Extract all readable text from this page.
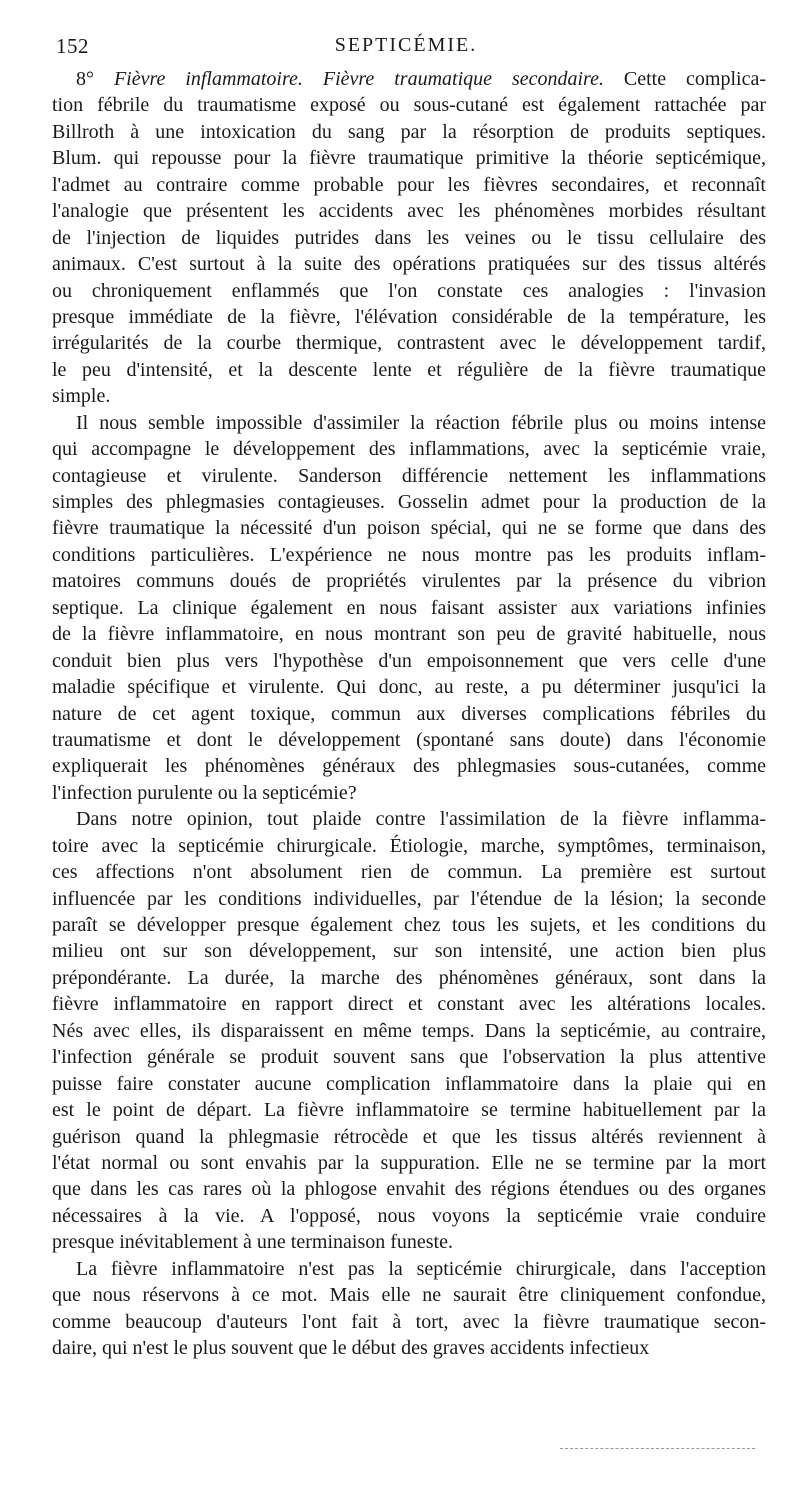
152	SEPTICÉMIE.
8° Fièvre inflammatoire. Fièvre traumatique secondaire. Cette complica-
tion fébrile du traumatisme exposé ou sous-cutané est également rattachée par
Billroth à une intoxication du sang par la résorption de produits septiques.
Blum. qui repousse pour la fièvre traumatique primitive la théorie septicémique,
l'admet au contraire comme probable pour les fièvres secondaires, et reconnaît
l'analogie que présentent les accidents avec les phénomènes morbides résultant
de l'injection de liquides putrides dans les veines ou le tissu cellulaire des
animaux. C'est surtout à la suite des opérations pratiquées sur des tissus altérés
ou chroniquement enflammés que l'on constate ces analogies : l'invasion
presque immédiate de la fièvre, l'élévation considérable de la température, les
irrégularités de la courbe thermique, contrastent avec le développement tardif,
le peu d'intensité, et la descente lente et régulière de la fièvre traumatique
simple.
Il nous semble impossible d'assimiler la réaction fébrile plus ou moins intense
qui accompagne le développement des inflammations, avec la septicémie vraie,
contagieuse et virulente. Sanderson différencie nettement les inflammations
simples des phlegmasies contagieuses. Gosselin admet pour la production de la
fièvre traumatique la nécessité d'un poison spécial, qui ne se forme que dans des
conditions particulières. L'expérience ne nous montre pas les produits inflam-
matoires communs doués de propriétés virulentes par la présence du vibrion
septique. La clinique également en nous faisant assister aux variations infinies
de la fièvre inflammatoire, en nous montrant son peu de gravité habituelle, nous
conduit bien plus vers l'hypothèse d'un empoisonnement que vers celle d'une
maladie spécifique et virulente. Qui donc, au reste, a pu déterminer jusqu'ici la
nature de cet agent toxique, commun aux diverses complications fébriles du
traumatisme et dont le développement (spontané sans doute) dans l'économie
expliquerait les phénomènes généraux des phlegmasies sous-cutanées, comme
l'infection purulente ou la septicémie?
Dans notre opinion, tout plaide contre l'assimilation de la fièvre inflamma-
toire avec la septicémie chirurgicale. Étiologie, marche, symptômes, terminaison,
ces affections n'ont absolument rien de commun. La première est surtout
influencée par les conditions individuelles, par l'étendue de la lésion; la seconde
paraît se développer presque également chez tous les sujets, et les conditions du
milieu ont sur son développement, sur son intensité, une action bien plus
prépondérante. La durée, la marche des phénomènes généraux, sont dans la
fièvre inflammatoire en rapport direct et constant avec les altérations locales.
Nés avec elles, ils disparaissent en même temps. Dans la septicémie, au contraire,
l'infection générale se produit souvent sans que l'observation la plus attentive
puisse faire constater aucune complication inflammatoire dans la plaie qui en
est le point de départ. La fièvre inflammatoire se termine habituellement par la
guérison quand la phlegmasie rétrocède et que les tissus altérés reviennent à
l'état normal ou sont envahis par la suppuration. Elle ne se termine par la mort
que dans les cas rares où la phlogose envahit des régions étendues ou des organes
nécessaires à la vie. A l'opposé, nous voyons la septicémie vraie conduire
presque inévitablement à une terminaison funeste.
La fièvre inflammatoire n'est pas la septicémie chirurgicale, dans l'acception
que nous réservons à ce mot. Mais elle ne saurait être cliniquement confondue,
comme beaucoup d'auteurs l'ont fait à tort, avec la fièvre traumatique secon-
daire, qui n'est le plus souvent que le début des graves accidents infectieux
